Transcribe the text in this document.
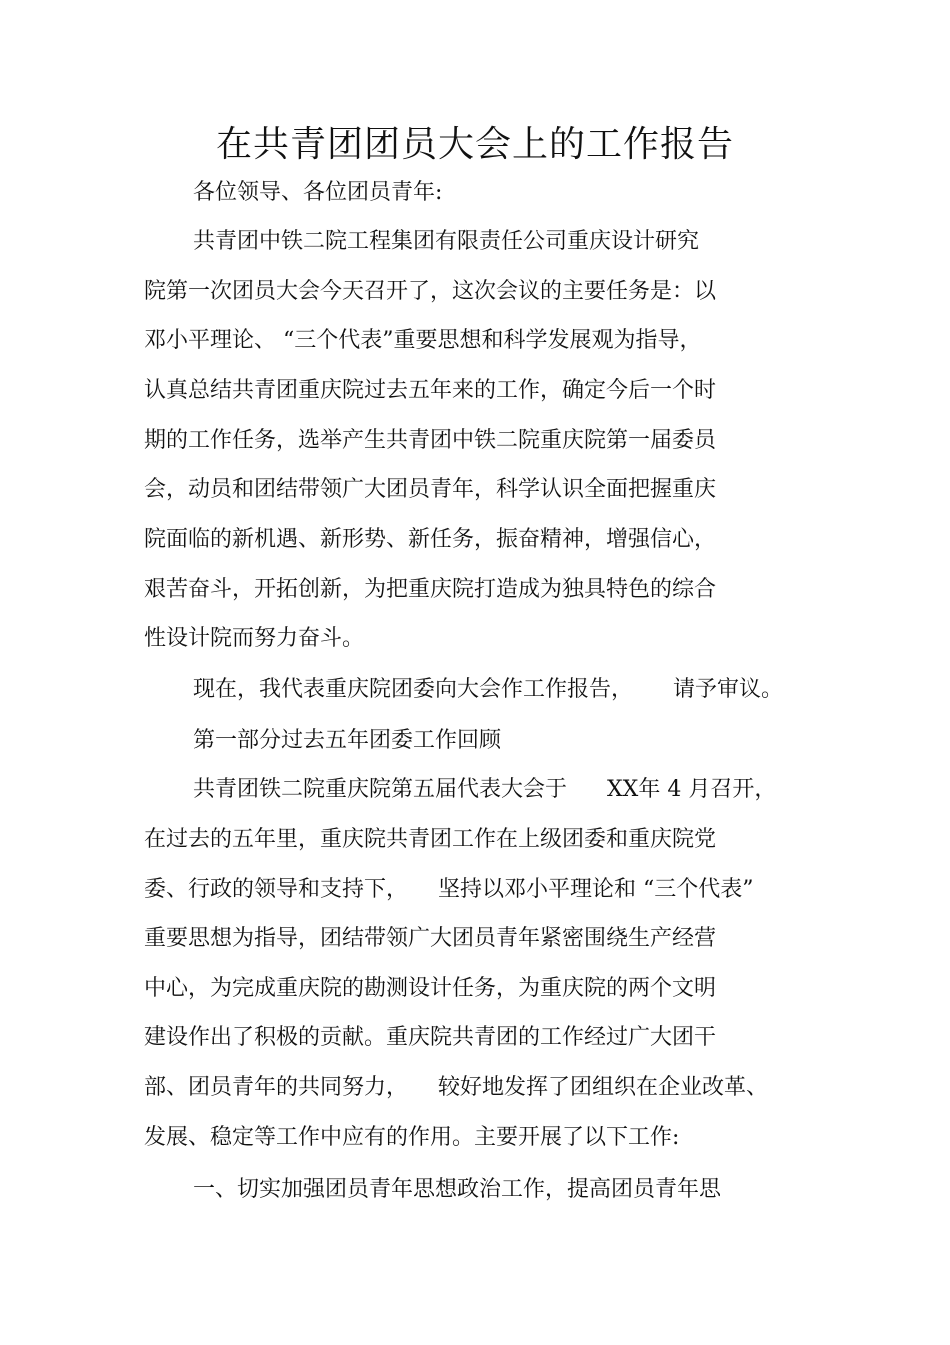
在共青团团员大会上的工作报告

各位领导、各位团员青年:

共青团中铁二院工程集团有限责任公司重庆设计研究

院第一次团员大会今天召开了，这次会议的主要任务是：以

邓小平理论、 “三个代表”重要思想和科学发展观为指导，

认真总结共青团重庆院过去五年来的工作，确定今后一个时

期的工作任务，选举产生共青团中铁二院重庆院第一届委员

会，动员和团结带领广大团员青年，科学认识全面把握重庆

院面临的新机遇、新形势、新任务，振奋精神，增强信心，

艰苦奋斗，开拓创新，为把重庆院打造成为独具特色的综合

性设计院而努力奋斗。

现在，我代表重庆院团委向大会作工作报告， 请予审议。

第一部分过去五年团委工作回顾

共青团铁二院重庆院第五届代表大会于 XX年 4 月召开，

在过去的五年里，重庆院共青团工作在上级团委和重庆院党

委、行政的领导和支持下， 坚持以邓小平理论和 “三个代表”

重要思想为指导，团结带领广大团员青年紧密围绕生产经营

中心，为完成重庆院的勘测设计任务，为重庆院的两个文明

建设作出了积极的贡献。重庆院共青团的工作经过广大团干

部、团员青年的共同努力， 较好地发挥了团组织在企业改革、

发展、稳定等工作中应有的作用。主要开展了以下工作:

一、切实加强团员青年思想政治工作，提高团员青年思
